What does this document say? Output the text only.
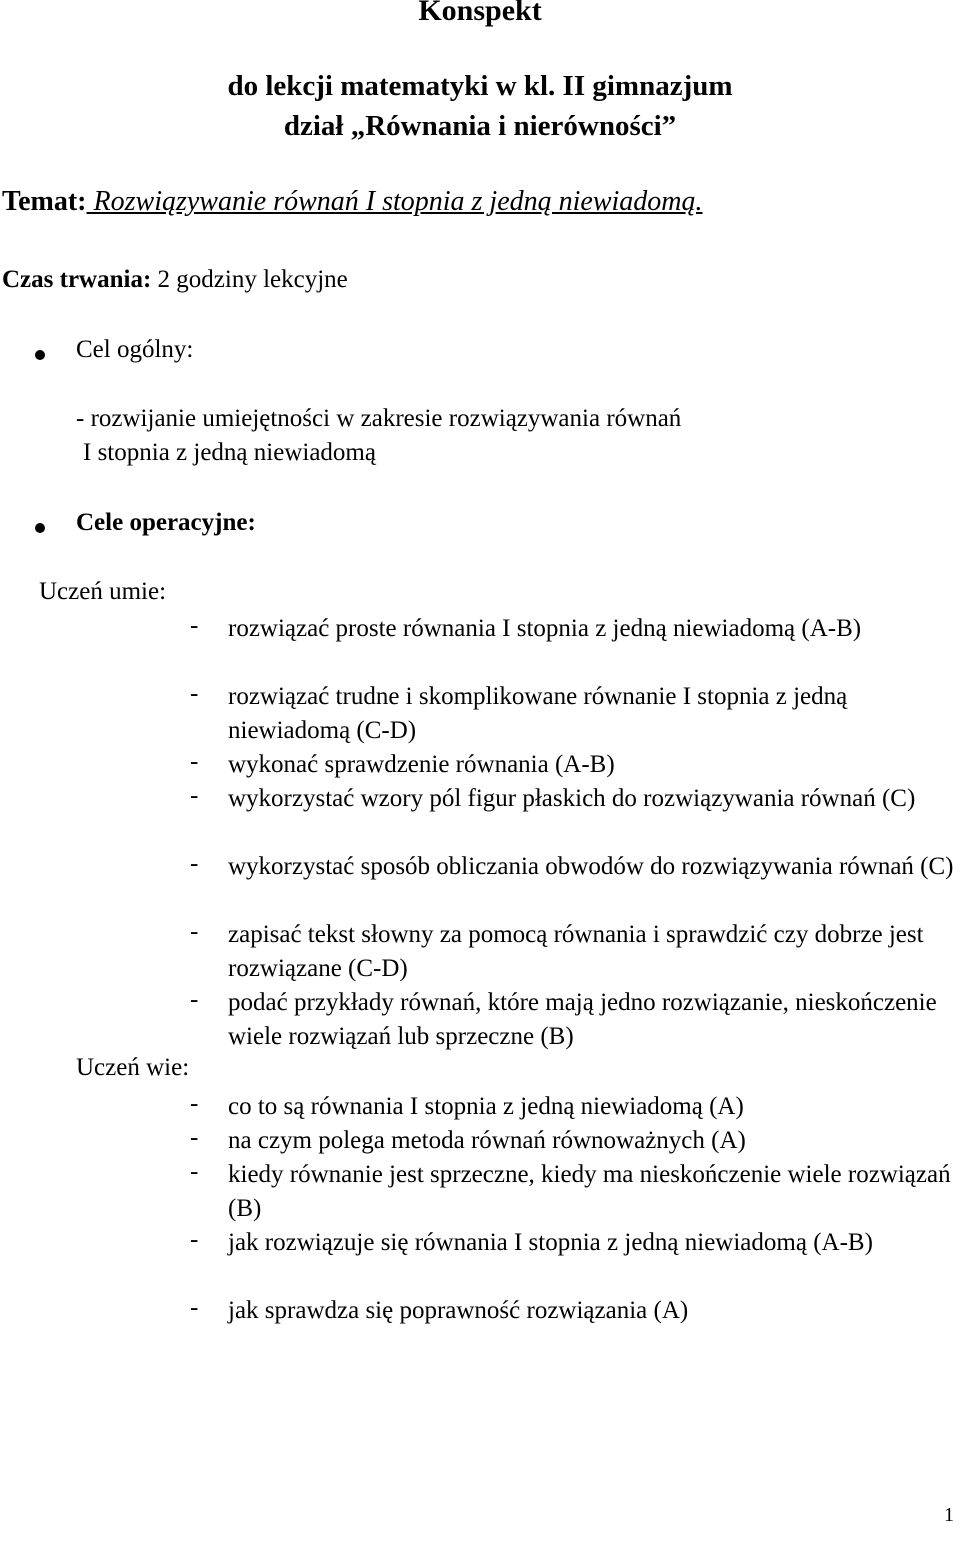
Konspekt
do lekcji matematyki w kl. II gimnazjum
dział „Równania i nierówności”
Temat: Rozwiązywanie równań I stopnia z jedną niewiadomą.
Czas trwania: 2 godziny lekcyjne
Cel ogólny:
- rozwijanie umiejętności w zakresie rozwiązywania równań
I stopnia z jedną niewiadomą
Cele operacyjne:
Uczeń umie:
- rozwiązać proste równania I stopnia z jedną niewiadomą (A-B)
- rozwiązać trudne i skomplikowane równanie I stopnia z jedną niewiadomą (C-D)
- wykonać sprawdzenie równania (A-B)
- wykorzystać wzory pól figur płaskich do rozwiązywania równań (C)
- wykorzystać sposób obliczania obwodów do rozwiązywania równań (C)
- zapisać tekst słowny za pomocą równania i sprawdzić czy dobrze jest rozwiązane (C-D)
- podać przykłady równań, które mają jedno rozwiązanie, nieskończenie wiele rozwiązań lub sprzeczne (B)
Uczeń wie:
- co to są równania I stopnia z jedną niewiadomą (A)
- na czym polega metoda równań równoważnych (A)
- kiedy równanie jest sprzeczne, kiedy ma nieskończenie wiele rozwiązań (B)
- jak rozwiązuje się równania I stopnia z jedną niewiadomą (A-B)
- jak sprawdza się poprawność rozwiązania (A)
1
